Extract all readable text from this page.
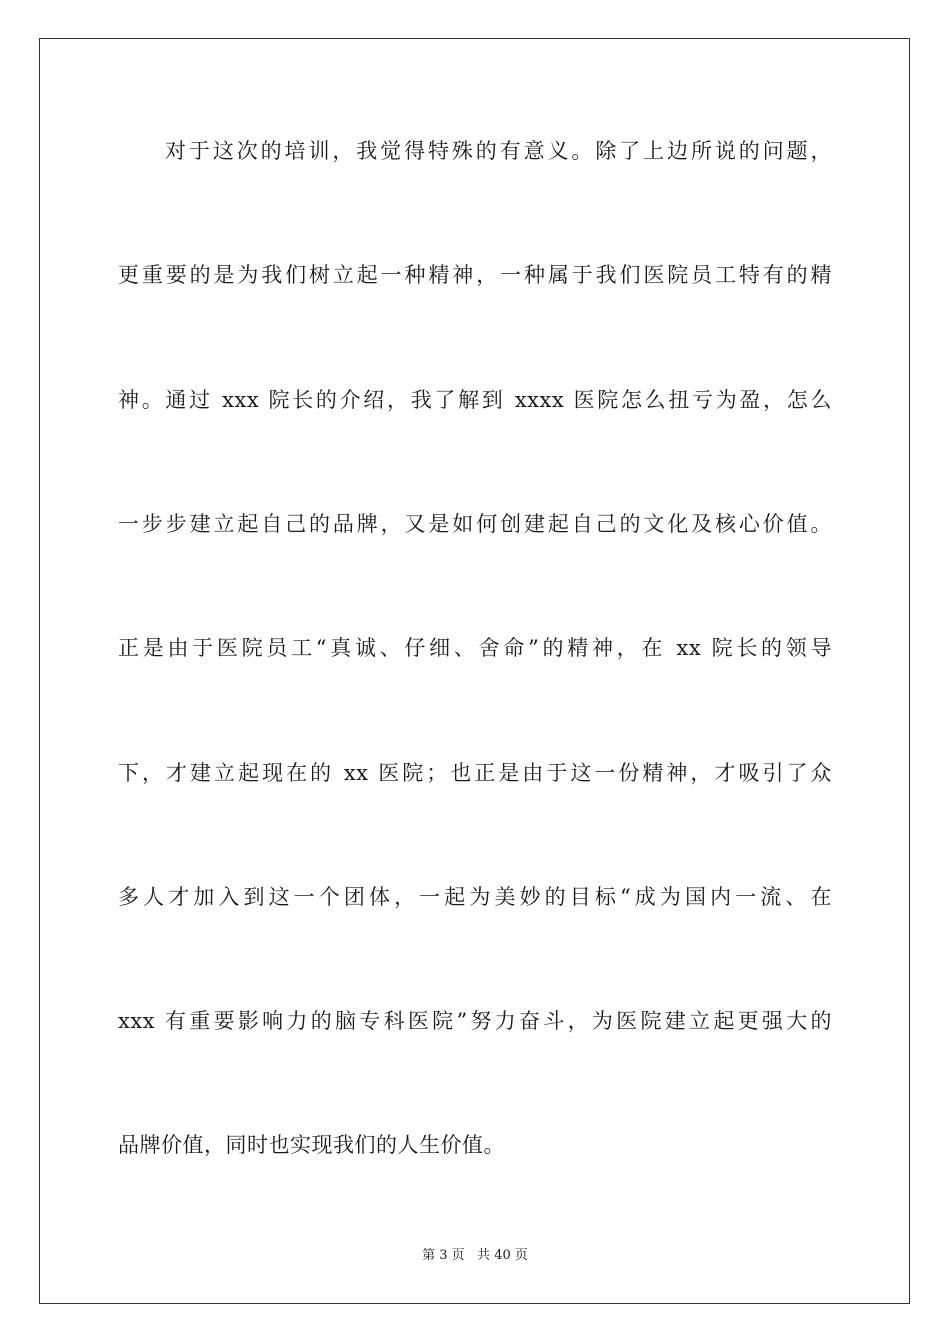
对于这次的培训，我觉得特殊的有意义。除了上边所说的问题，
更重要的是为我们树立起一种精神，一种属于我们医院员工特有的精
神。通过 xxx 院长的介绍，我了解到 xxxx 医院怎么扭亏为盈，怎么
一步步建立起自己的品牌，又是如何创建起自己的文化及核心价值。
正是由于医院员工“真诚、仔细、舍命”的精神，在 xx 院长的领导
下，才建立起现在的 xx 医院；也正是由于这一份精神，才吸引了众
多人才加入到这一个团体，一起为美妙的目标“成为国内一流、在
xxx 有重要影响力的脑专科医院”努力奋斗，为医院建立起更强大的
品牌价值，同时也实现我们的人生价值。
第 3 页   共 40 页
